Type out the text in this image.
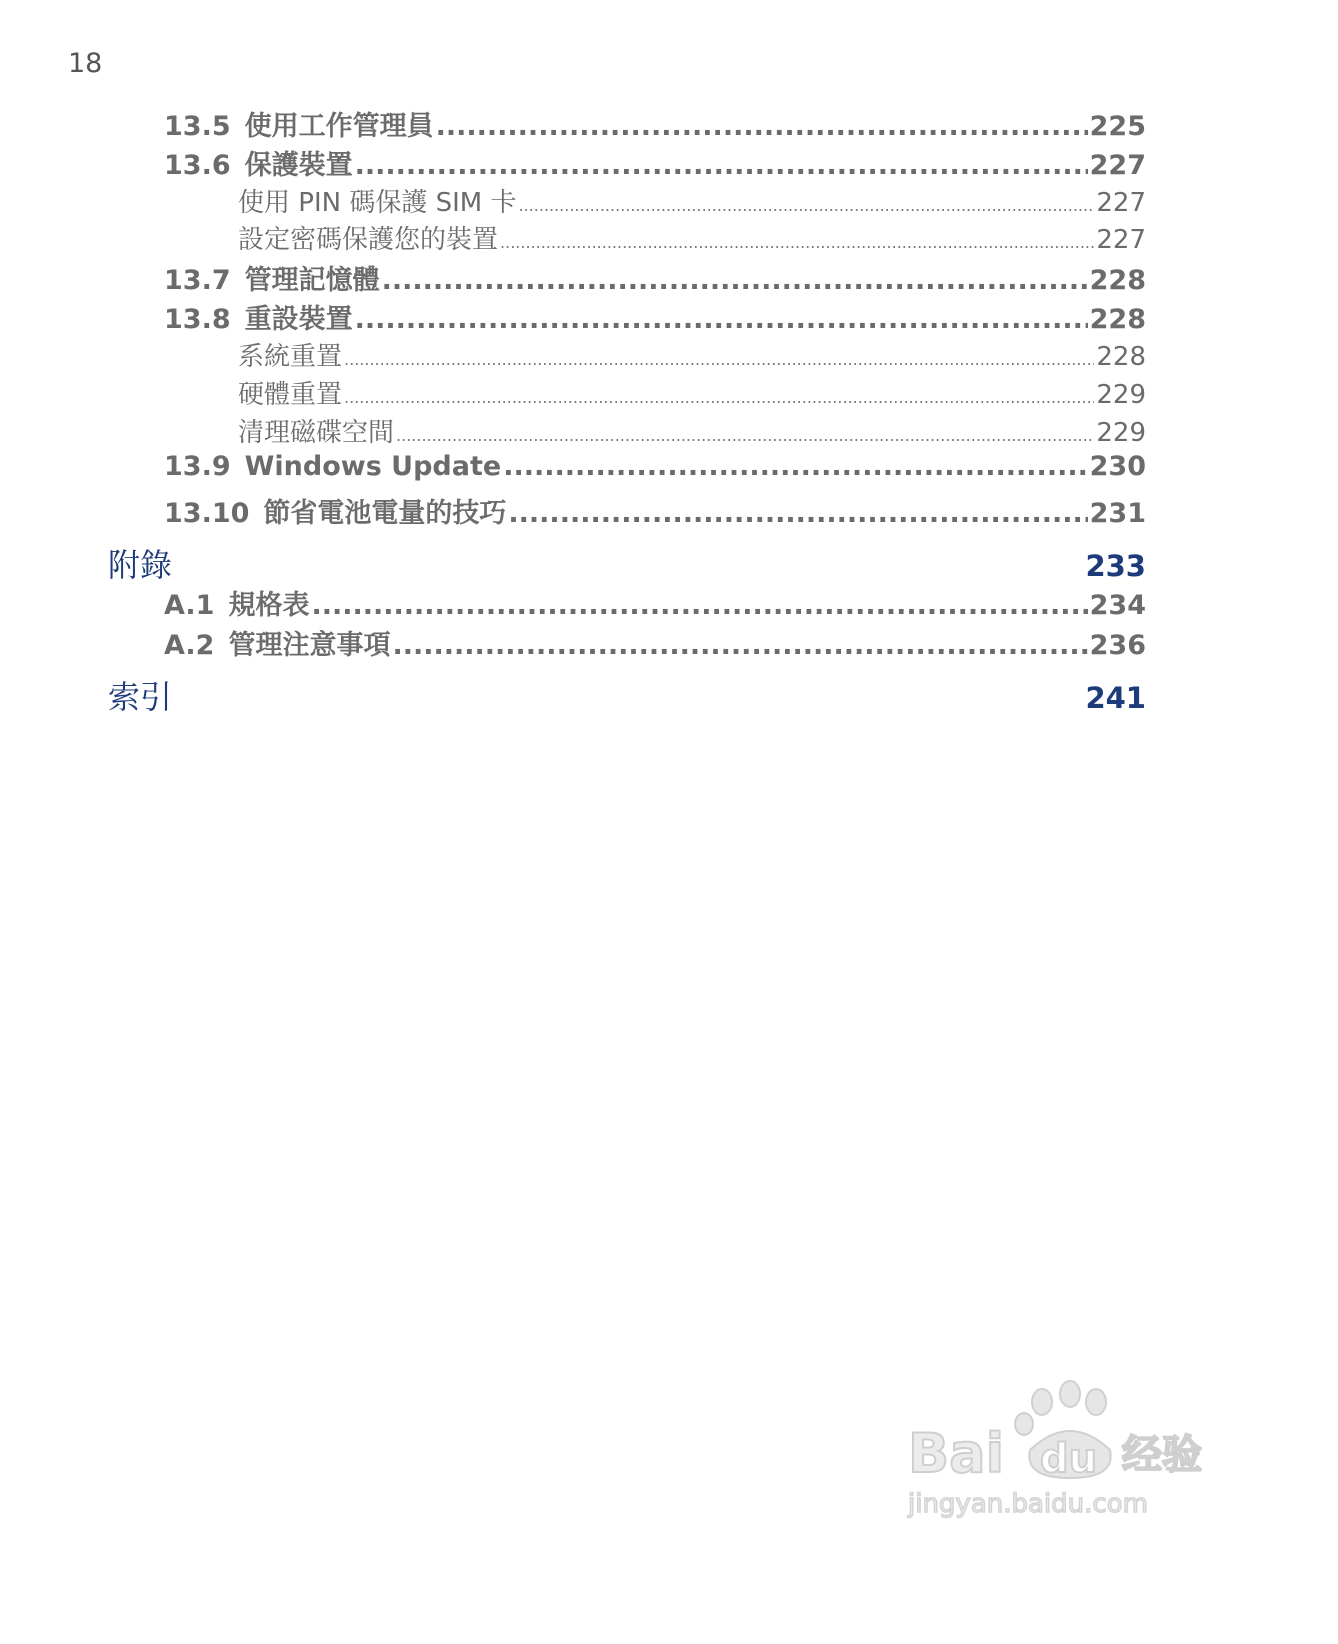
18
13.5 使用工作管理員 .....	225
13.6 保護裝置 .....	227
使用 PIN 碼保護 SIM 卡 .....	227
設定密碼保護您的裝置 .....	227
13.7 管理記憶體 .....	228
13.8 重設裝置 .....	228
系統重置 .....	228
硬體重置 .....	229
清理磁碟空間 .....	229
13.9 Windows Update .....	230
13.10 節省電池電量的技巧 .....	231
附錄	233
A.1 規格表 .....	234
A.2 管理注意事項 .....	236
索引	241
Bai du 经验
jingyan.baidu.com
